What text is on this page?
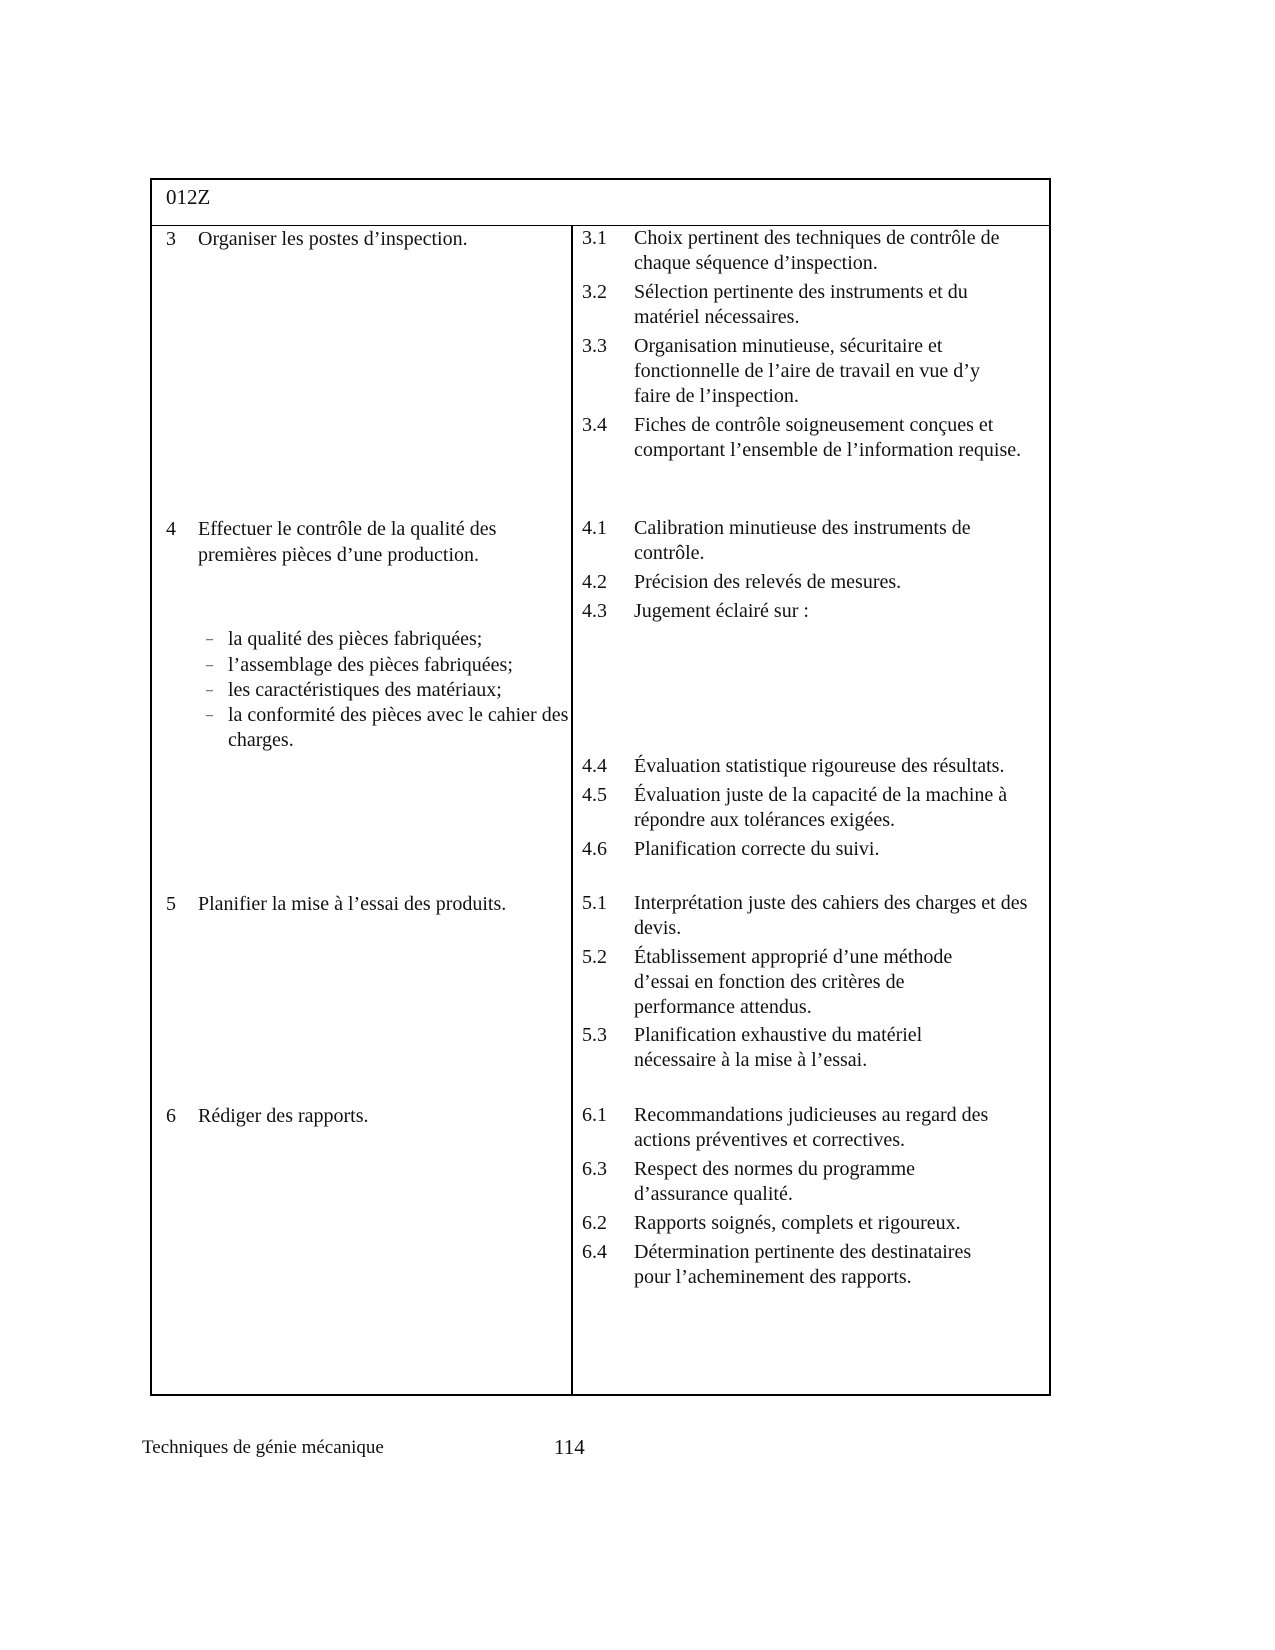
012Z
3 Organiser les postes d’inspection.
4 Effectuer le contrôle de la qualité des premières pièces d’une production.
5 Planifier la mise à l’essai des produits.
6 Rédiger des rapports.
3.1 Choix pertinent des techniques de contrôle de chaque séquence d’inspection.
3.2 Sélection pertinente des instruments et du matériel nécessaires.
3.3 Organisation minutieuse, sécuritaire et fonctionnelle de l’aire de travail en vue d’y faire de l’inspection.
3.4 Fiches de contrôle soigneusement conçues et comportant l’ensemble de l’information requise.
4.1 Calibration minutieuse des instruments de contrôle.
4.2 Précision des relevés de mesures.
4.3 Jugement éclairé sur :
– la qualité des pièces fabriquées;
– l’assemblage des pièces fabriquées;
– les caractéristiques des matériaux;
– la conformité des pièces avec le cahier des charges.
4.4 Évaluation statistique rigoureuse des résultats.
4.5 Évaluation juste de la capacité de la machine à répondre aux tolérances exigées.
4.6 Planification correcte du suivi.
5.1 Interprétation juste des cahiers des charges et des devis.
5.2 Établissement approprié d’une méthode d’essai en fonction des critères de performance attendus.
5.3 Planification exhaustive du matériel nécessaire à la mise à l’essai.
6.1 Recommandations judicieuses au regard des actions préventives et correctives.
6.3 Respect des normes du programme d’assurance qualité.
6.2 Rapports soignés, complets et rigoureux.
6.4 Détermination pertinente des destinataires pour l’acheminement des rapports.
Techniques de génie mécanique	114
